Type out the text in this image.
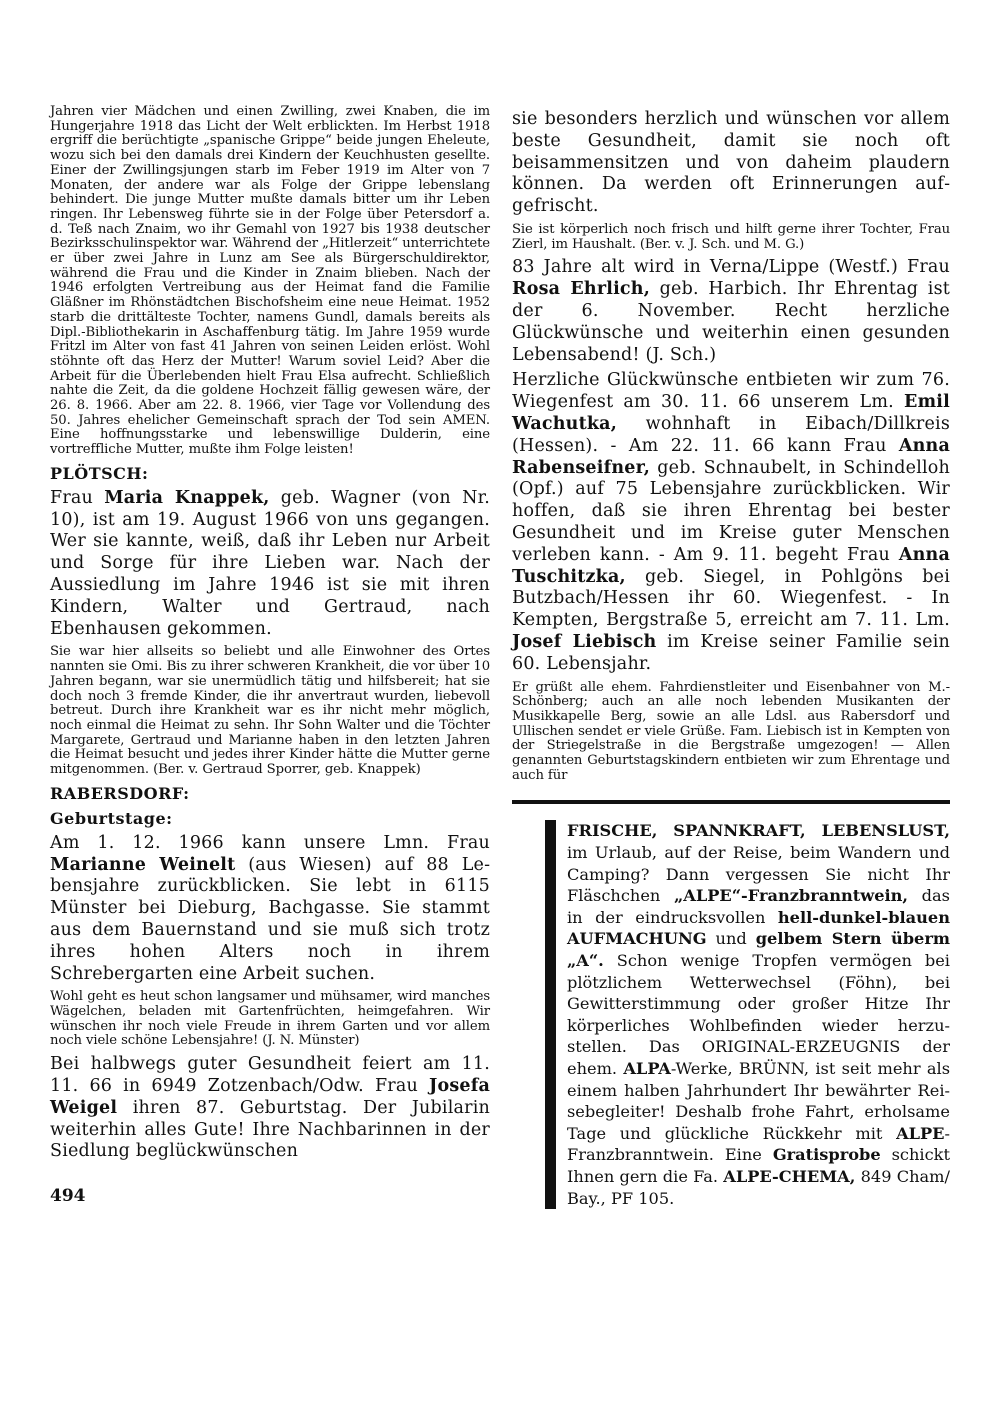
Jahren vier Mädchen und einen Zwilling, zwei Knaben, die im Hungerjahre 1918 das Licht der Welt erblickten. Im Herbst 1918 ergriff die berüchtigte „spanische Grippe“ beide jungen Eheleute, wozu sich bei den damals drei Kindern der Keuchhusten gesellte. Einer der Zwillingsjungen starb im Feber 1919 im Alter von 7 Monaten, der andere war als Folge der Grippe lebenslang behindert. Die junge Mutter mußte damals bitter um ihr Leben ringen. Ihr Lebensweg führte sie in der Folge über Petersdorf a. d. Teß nach Znaim, wo ihr Gemahl von 1927 bis 1938 deutscher Bezirksschulinspektor war. Während der „Hitlerzeit“ unterrichtete er über zwei Jahre in Lunz am See als Bürgerschuldirektor, während die Frau und die Kinder in Znaim blieben. Nach der 1946 erfolgten Vertreibung aus der Heimat fand die Familie Gläßner im Rhönstädtchen Bischofsheim eine neue Heimat. 1952 starb die drittälteste Tochter, namens Gundl, damals bereits als Dipl.-Bibliothekarin in Aschaffenburg tätig. Im Jahre 1959 wurde Fritzl im Alter von fast 41 Jahren von seinen Leiden erlöst. Wohl stöhnte oft das Herz der Mutter! Warum soviel Leid? Aber die Arbeit für die Überlebenden hielt Frau Elsa aufrecht. Schließlich nahte die Zeit, da die goldene Hochzeit fällig gewesen wäre, der 26. 8. 1966. Aber am 22. 8. 1966, vier Tage vor Vollendung des 50. Jahres ehelicher Gemeinschaft sprach der Tod sein AMEN. Eine hoffnungsstarke und lebenswillige Dulderin, eine vortreffliche Mutter, mußte ihm Folge leisten!
PLÖTSCH:
Frau Maria Knappek, geb. Wagner (von Nr. 10), ist am 19. August 1966 von uns gegangen. Wer sie kannte, weiß, daß ihr Leben nur Arbeit und Sorge für ihre Lieben war. Nach der Aussiedlung im Jahre 1946 ist sie mit ihren Kindern, Walter und Gertraud, nach Ebenhausen gekommen.
Sie war hier allseits so beliebt und alle Einwohner des Ortes nannten sie Omi. Bis zu ihrer schweren Krankheit, die vor über 10 Jahren begann, war sie unermüdlich tätig und hilfsbereit; hat sie doch noch 3 fremde Kinder, die ihr anvertraut wurden, liebevoll betreut. Durch ihre Krankheit war es ihr nicht mehr möglich, noch einmal die Heimat zu sehn. Ihr Sohn Walter und die Töchter Margarete, Gertraud und Marianne haben in den letzten Jahren die Heimat besucht und jedes ihrer Kinder hätte die Mutter gerne mitgenommen. (Ber. v. Gertraud Sporrer, geb. Knappek)
RABERSDORF:
Geburtstage:
Am 1. 12. 1966 kann unsere Lmn. Frau Marianne Weinelt (aus Wiesen) auf 88 Lebensjahre zurückblicken. Sie lebt in 6115 Münster bei Dieburg, Bachgasse. Sie stammt aus dem Bauernstand und sie muß sich trotz ihres hohen Alters noch in ihrem Schrebergarten eine Arbeit suchen.
Wohl geht es heut schon langsamer und mühsamer, wird manches Wägelchen, beladen mit Gartenfrüchten, heimgefahren. Wir wünschen ihr noch viele Freude in ihrem Garten und vor allem noch viele schöne Lebensjahre! (J. N. Münster)
Bei halbwegs guter Gesundheit feiert am 11. 11. 66 in 6949 Zotzenbach/Odw. Frau Josefa Weigel ihren 87. Geburtstag. Der Jubilarin weiterhin alles Gute! Ihre Nachbarinnen in der Siedlung beglückwünschen
494
sie besonders herzlich und wünschen vor allem beste Gesundheit, damit sie noch oft beisammensitzen und von daheim plaudern können. Da werden oft Erinnerungen aufgefrischt.
Sie ist körperlich noch frisch und hilft gerne ihrer Tochter, Frau Zierl, im Haushalt. (Ber. v. J. Sch. und M. G.)
83 Jahre alt wird in Verna/Lippe (Westf.) Frau Rosa Ehrlich, geb. Harbich. Ihr Ehrentag ist der 6. November. Recht herzliche Glückwünsche und weiterhin einen gesunden Lebensabend! (J. Sch.)
Herzliche Glückwünsche entbieten wir zum 76. Wiegenfest am 30. 11. 66 unserem Lm. Emil Wachutka, wohnhaft in Eibach/Dillkreis (Hessen). - Am 22. 11. 66 kann Frau Anna Rabenseifner, geb. Schnaubelt, in Schindelloh (Opf.) auf 75 Lebensjahre zurückblicken. Wir hoffen, daß sie ihren Ehrentag bei bester Gesundheit und im Kreise guter Menschen verleben kann. - Am 9. 11. begeht Frau Anna Tuschitzka, geb. Siegel, in Pohlgöns bei Butzbach/Hessen ihr 60. Wiegenfest. - In Kempten, Bergstraße 5, erreicht am 7. 11. Lm. Josef Liebisch im Kreise seiner Familie sein 60. Lebensjahr.
Er grüßt alle ehem. Fahrdienstleiter und Eisenbahner von M.-Schönberg; auch an alle noch lebenden Musikanten der Musikkapelle Berg, sowie an alle Ldsl. aus Rabersdorf und Ullischen sendet er viele Grüße. Fam. Liebisch ist in Kempten von der Striegelstraße in die Bergstraße umgezogen! — Allen genannten Geburtstagskindern entbieten wir zum Ehrentage und auch für
FRISCHE, SPANNKRAFT, LEBENSLUST, im Urlaub, auf der Reise, beim Wandern und Camping? Dann vergessen Sie nicht Ihr Fläschchen „ALPE“-Franzbranntwein, das in der eindrucksvollen hell-dunkel-blauen AUFMACHUNG und gelbem Stern überm „A“. Schon wenige Tropfen vermögen bei plötzlichem Wetterwechsel (Föhn), bei Gewitterstimmung oder großer Hitze Ihr körperliches Wohlbefinden wieder herzustellen. Das ORIGINAL-ERZEUGNIS der ehem. ALPA-Werke, BRÜNN, ist seit mehr als einem halben Jahrhundert Ihr bewährter Reisebegleiter! Deshalb frohe Fahrt, erholsame Tage und glückliche Rückkehr mit ALPE-Franzbranntwein. Eine Gratisprobe schickt Ihnen gern die Fa. ALPE-CHEMA, 849 Cham/ Bay., PF 105.
